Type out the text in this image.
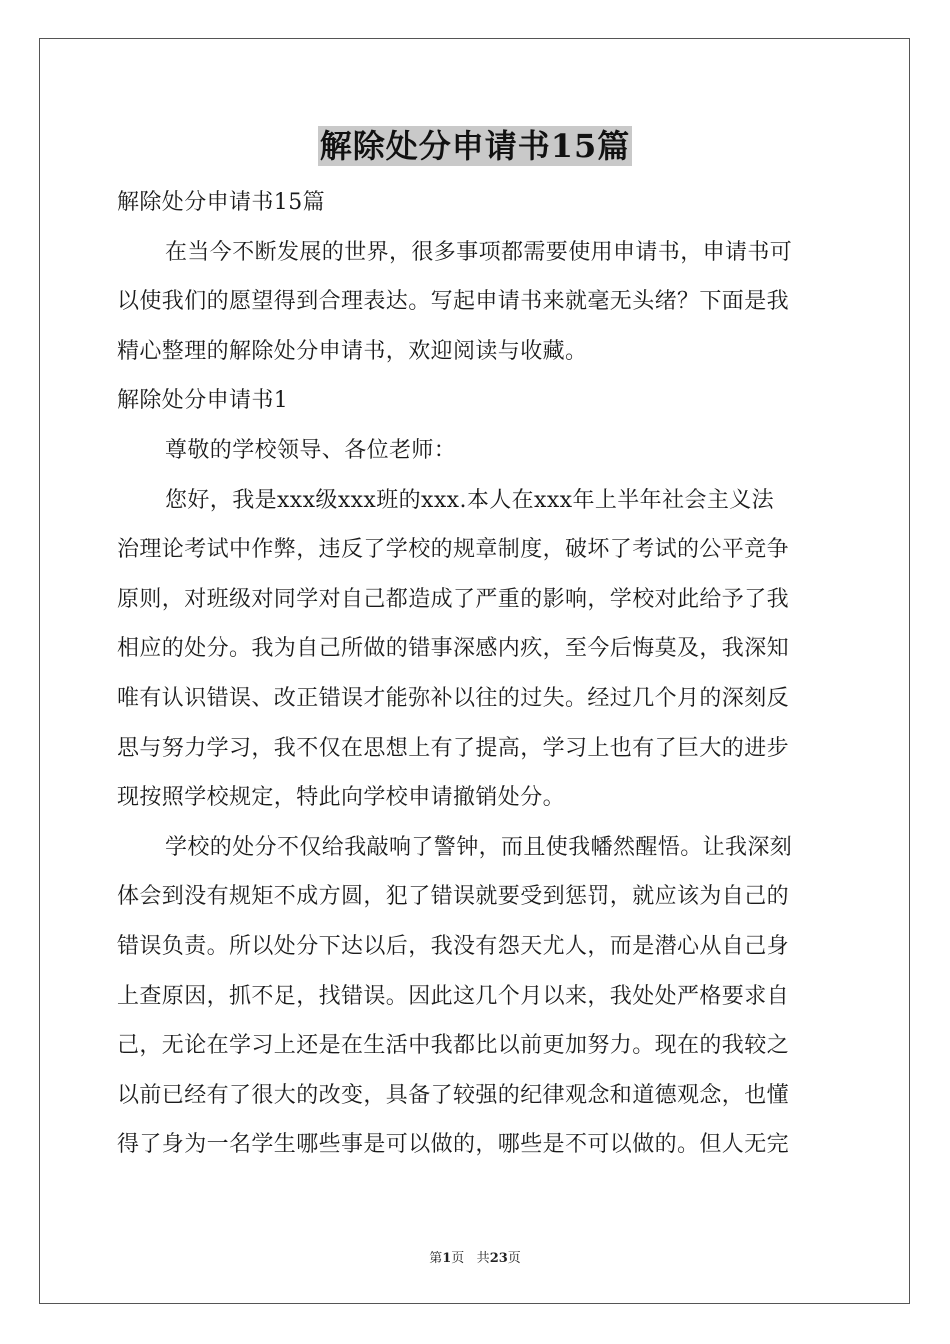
解除处分申请书15篇

解除处分申请书15篇

在当今不断发展的世界，很多事项都需要使用申请书，申请书可

以使我们的愿望得到合理表达。写起申请书来就毫无头绪？下面是我

精心整理的解除处分申请书，欢迎阅读与收藏。

解除处分申请书1

尊敬的学校领导、各位老师：

您好，我是xxx级xxx班的xxx.本人在xxx年上半年社会主义法

治理论考试中作弊，违反了学校的规章制度，破坏了考试的公平竞争

原则，对班级对同学对自己都造成了严重的影响，学校对此给予了我

相应的处分。我为自己所做的错事深感内疚，至今后悔莫及，我深知

唯有认识错误、改正错误才能弥补以往的过失。经过几个月的深刻反

思与努力学习，我不仅在思想上有了提高，学习上也有了巨大的进步

现按照学校规定，特此向学校申请撤销处分。

学校的处分不仅给我敲响了警钟，而且使我幡然醒悟。让我深刻

体会到没有规矩不成方圆，犯了错误就要受到惩罚，就应该为自己的

错误负责。所以处分下达以后，我没有怨天尤人，而是潜心从自己身

上查原因，抓不足，找错误。因此这几个月以来，我处处严格要求自

己，无论在学习上还是在生活中我都比以前更加努力。现在的我较之

以前已经有了很大的改变，具备了较强的纪律观念和道德观念，也懂

得了身为一名学生哪些事是可以做的，哪些是不可以做的。但人无完

第1页 共23页
